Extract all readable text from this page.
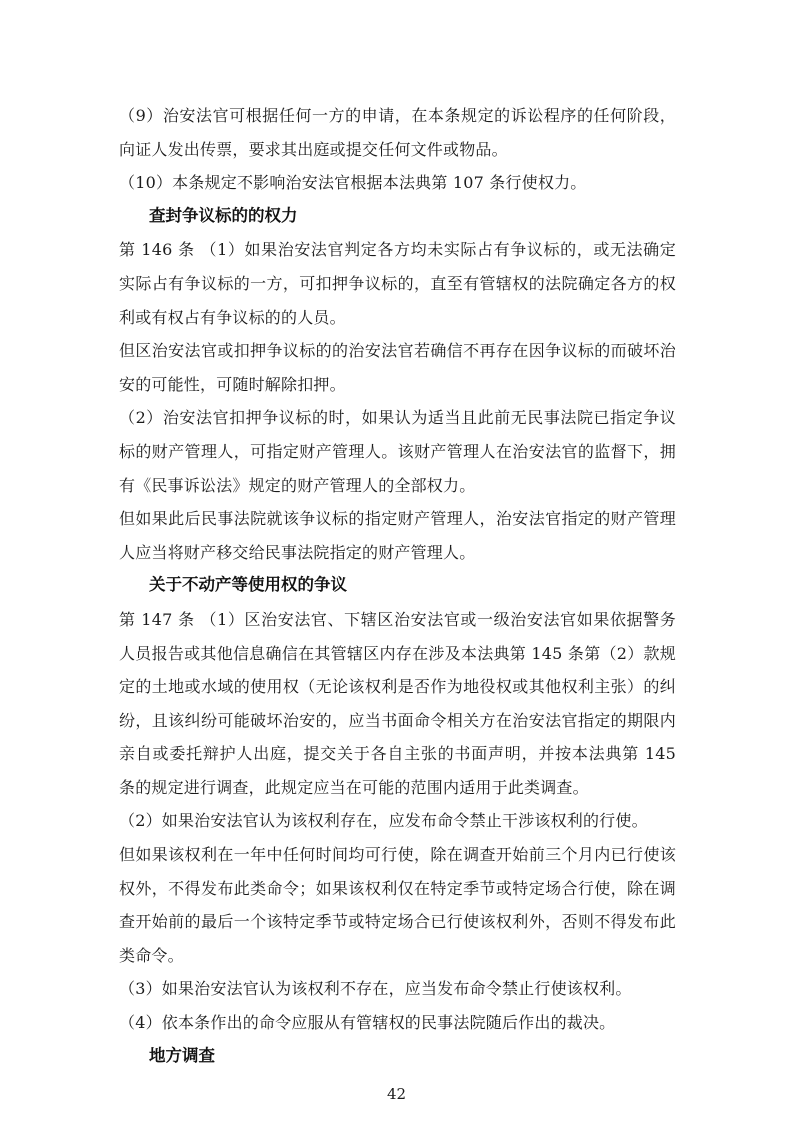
（9）治安法官可根据任何一方的申请，在本条规定的诉讼程序的任何阶段，向证人发出传票，要求其出庭或提交任何文件或物品。

（10）本条规定不影响治安法官根据本法典第 107 条行使权力。

查封争议标的的权力

第 146 条 （1）如果治安法官判定各方均未实际占有争议标的，或无法确定实际占有争议标的一方，可扣押争议标的，直至有管辖权的法院确定各方的权利或有权占有争议标的的人员。

但区治安法官或扣押争议标的的治安法官若确信不再存在因争议标的而破坏治安的可能性，可随时解除扣押。

（2）治安法官扣押争议标的时，如果认为适当且此前无民事法院已指定争议标的财产管理人，可指定财产管理人。该财产管理人在治安法官的监督下，拥有《民事诉讼法》规定的财产管理人的全部权力。

但如果此后民事法院就该争议标的指定财产管理人，治安法官指定的财产管理人应当将财产移交给民事法院指定的财产管理人。

关于不动产等使用权的争议

第 147 条 （1）区治安法官、下辖区治安法官或一级治安法官如果依据警务人员报告或其他信息确信在其管辖区内存在涉及本法典第 145 条第（2）款规定的土地或水域的使用权（无论该权利是否作为地役权或其他权利主张）的纠纷，且该纠纷可能破坏治安的，应当书面命令相关方在治安法官指定的期限内亲自或委托辩护人出庭，提交关于各自主张的书面声明，并按本法典第 145 条的规定进行调查，此规定应当在可能的范围内适用于此类调查。

（2）如果治安法官认为该权利存在，应发布命令禁止干涉该权利的行使。

但如果该权利在一年中任何时间均可行使，除在调查开始前三个月内已行使该权外，不得发布此类命令；如果该权利仅在特定季节或特定场合行使，除在调查开始前的最后一个该特定季节或特定场合已行使该权利外，否则不得发布此类命令。

（3）如果治安法官认为该权利不存在，应当发布命令禁止行使该权利。

（4）依本条作出的命令应服从有管辖权的民事法院随后作出的裁决。

地方调查

42
